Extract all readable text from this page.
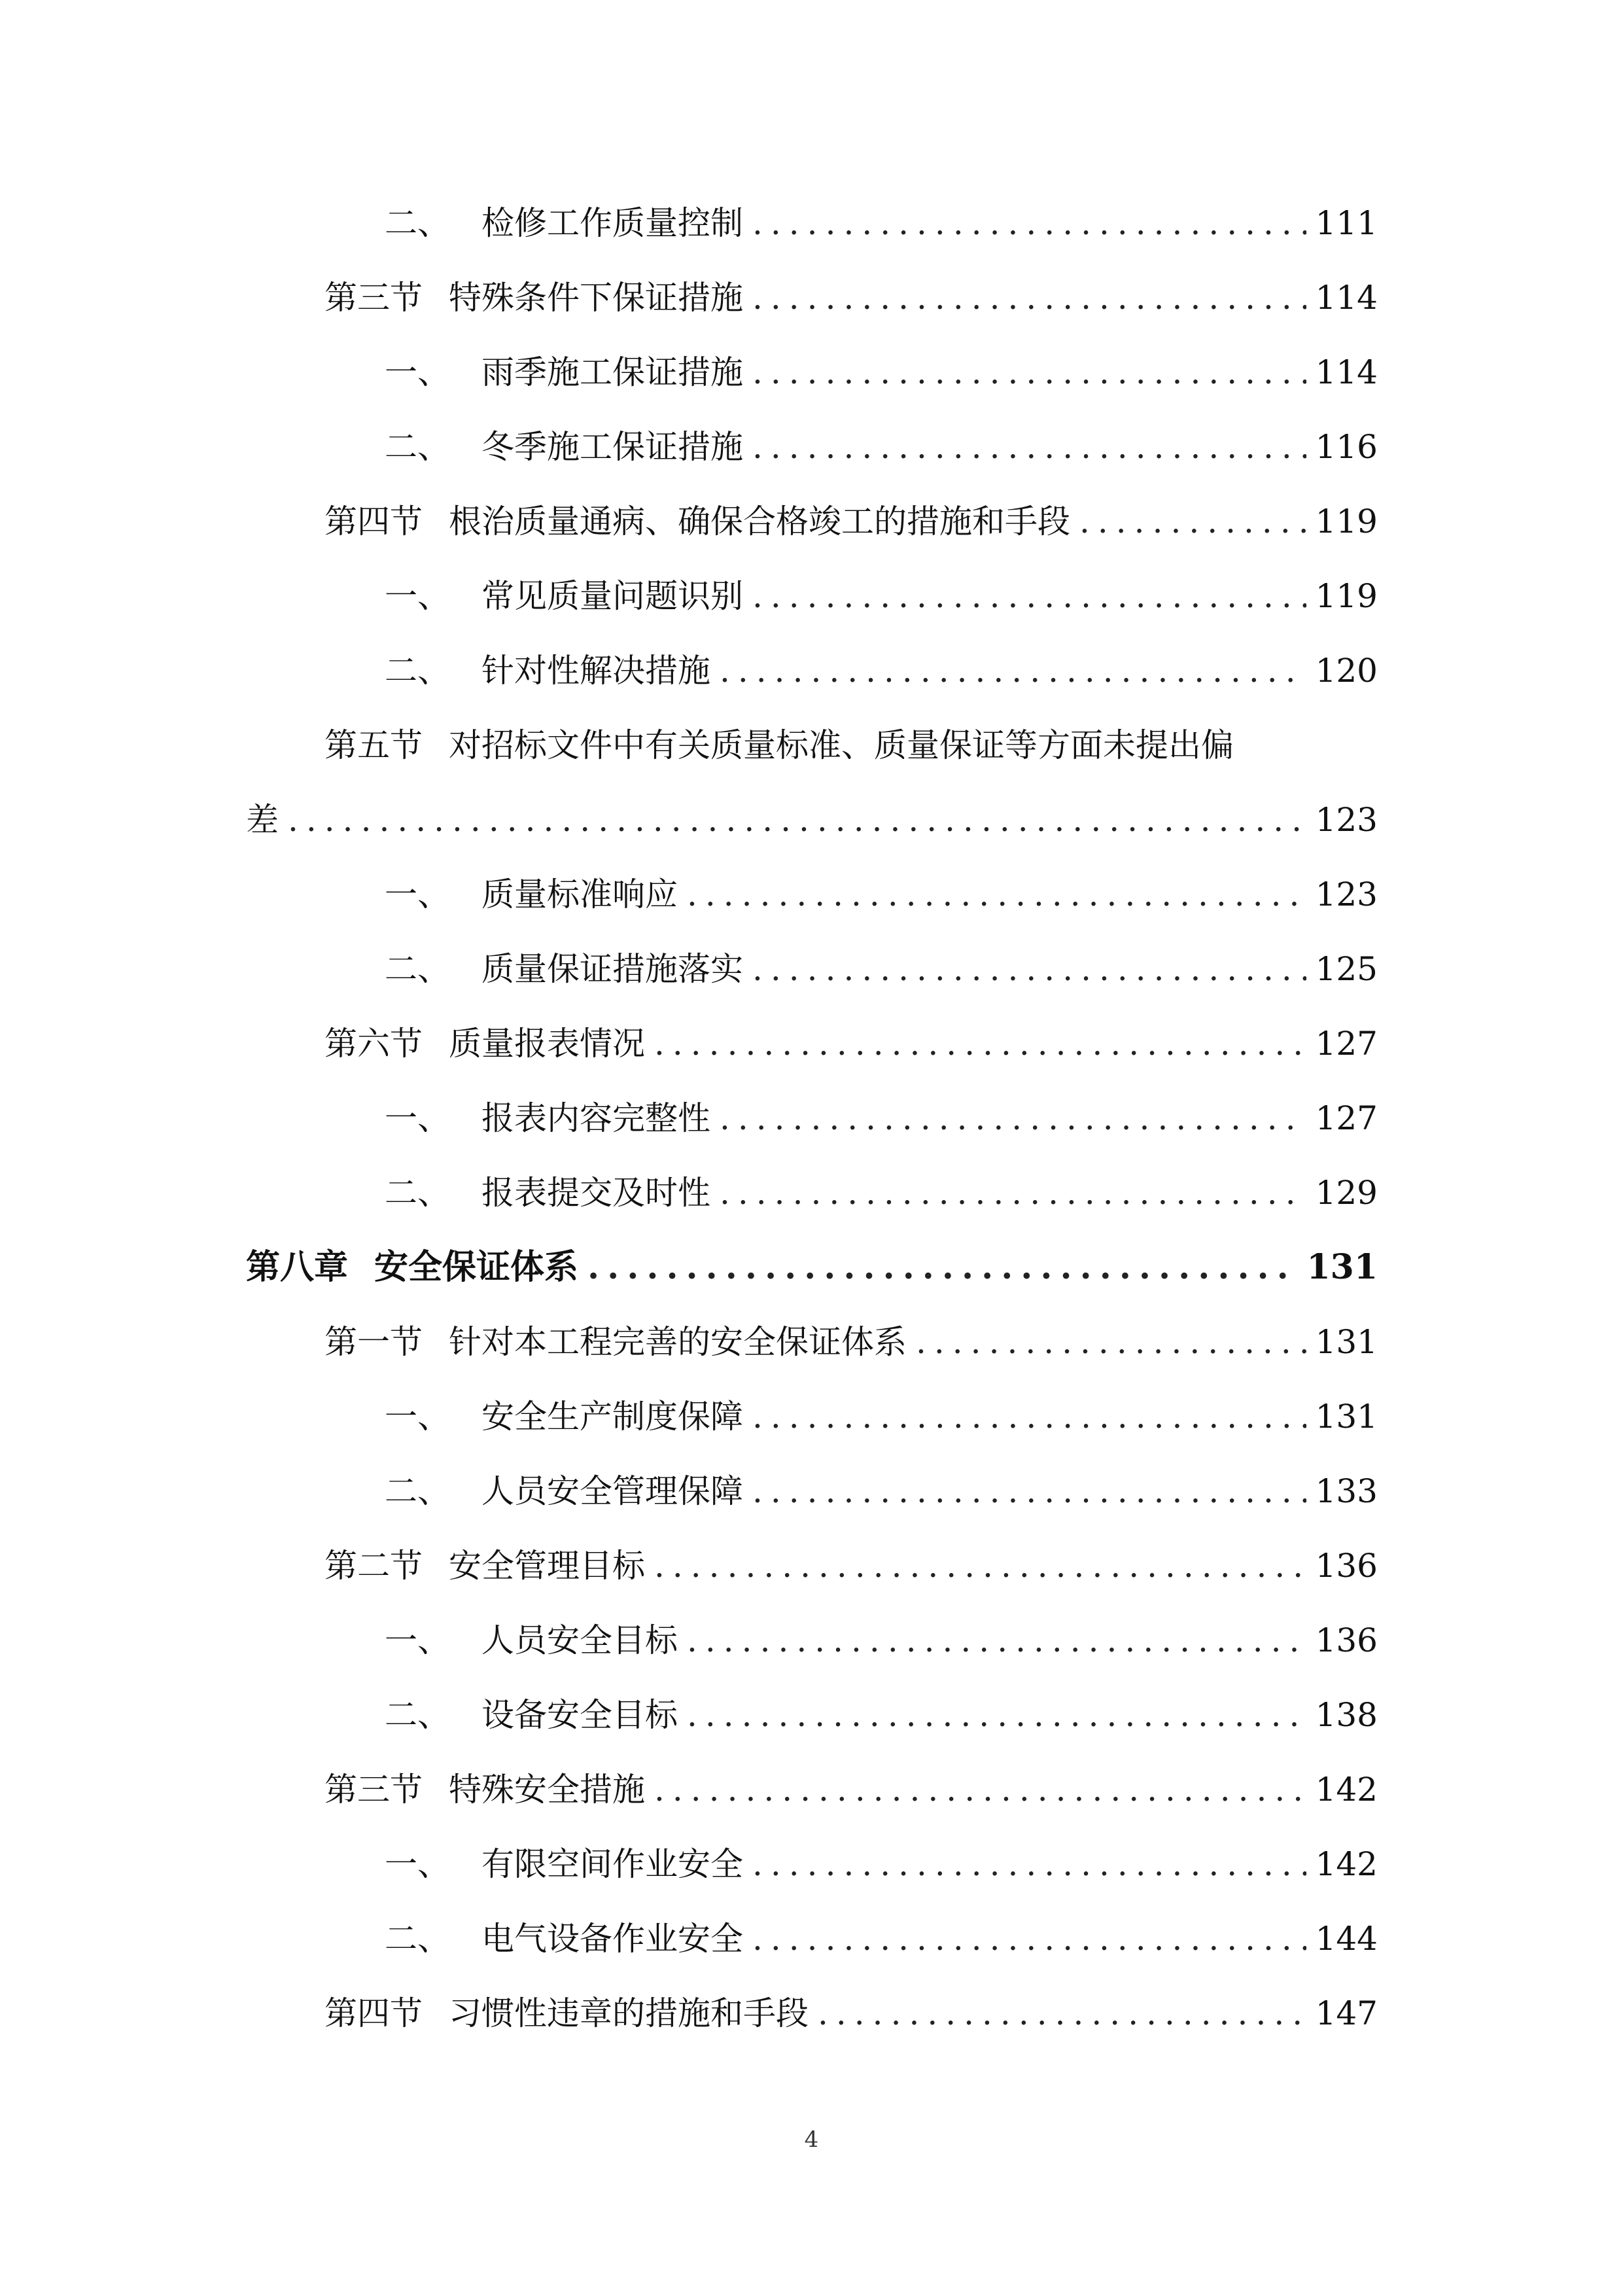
二、 检修工作质量控制 .....	111
第三节 特殊条件下保证措施 .....	114
一、 雨季施工保证措施 .....	114
二、 冬季施工保证措施 .....	116
第四节 根治质量通病、确保合格竣工的措施和手段 .....	119
一、 常见质量问题识别 .....	119
二、 针对性解决措施 .....	120
第五节 对招标文件中有关质量标准、质量保证等方面未提出偏
差 .....	123
一、 质量标准响应 .....	123
二、 质量保证措施落实 .....	125
第六节 质量报表情况 .....	127
一、 报表内容完整性 .....	127
二、 报表提交及时性 .....	129
第八章 安全保证体系 .....	131
第一节 针对本工程完善的安全保证体系 .....	131
一、 安全生产制度保障 .....	131
二、 人员安全管理保障 .....	133
第二节 安全管理目标 .....	136
一、 人员安全目标 .....	136
二、 设备安全目标 .....	138
第三节 特殊安全措施 .....	142
一、 有限空间作业安全 .....	142
二、 电气设备作业安全 .....	144
第四节 习惯性违章的措施和手段 .....	147
4
